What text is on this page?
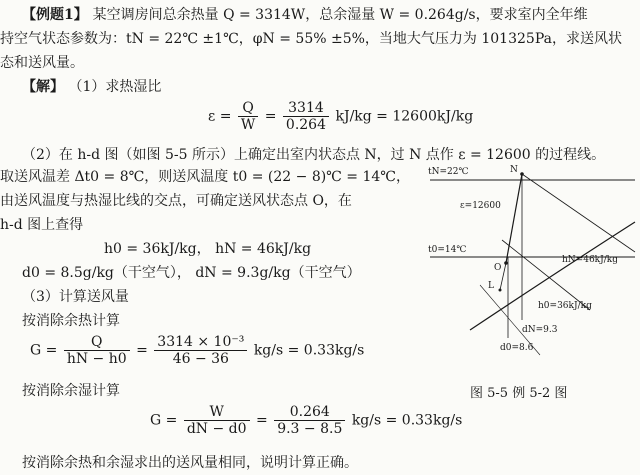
【例题1】 某空调房间总余热量 Q = 3314W，总余湿量 W = 0.264g/s，要求室内全年维
持空气状态参数为：tN = 22℃ ±1℃，φN = 55% ±5%，当地大气压力为 101325Pa，求送风状
态和送风量。
【解】 （1）求热湿比
$\varepsilon = \frac{Q}{W} = \frac{3314}{0.264} kJ/kg = 12600kJ/kg$
（2）在 h-d 图（如图 5-5 所示）上确定出室内状态点 N，过 N 点作 ε = 12600 的过程线。
取送风温差 Δt0 = 8℃，则送风温度 t0 = (22 − 8)℃ = 14℃，
由送风温度与热湿比线的交点，可确定送风状态点 O，在
h-d 图上查得
h0 = 36kJ/kg， hN = 46kJ/kg
d0 = 8.5g/kg（干空气）， dN = 9.3g/kg（干空气）
（3）计算送风量
按消除余热计算
$G = \frac{Q}{hN - h0} = \frac{\text{3314 × 10⁻³}}{46 - 36} kg/s = 0.33kg/s$
按消除余湿计算
$G = \frac{W}{dN - d0} = \frac{0.264}{9.3 - 8.5} kg/s = 0.33kg/s$
按消除余热和余湿求出的送风量相同，说明计算正确。
tN=22℃	N
ε=12600
t0=14℃
O
hN=46kJ/kg
L
h0=36kJ/kg
dN=9.3
d0=8.6
图 5-5 例 5-2 图
